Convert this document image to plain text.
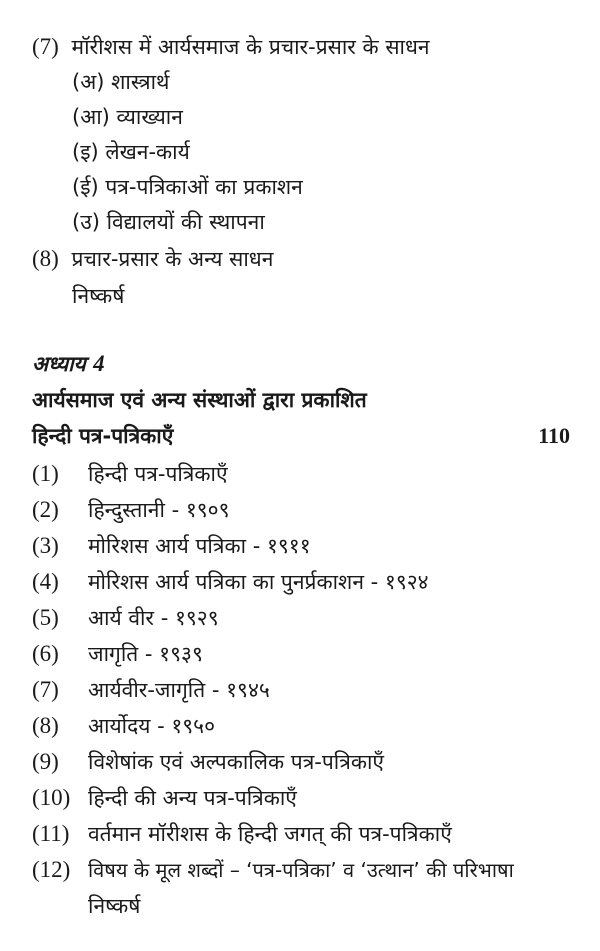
(7) मॉरीशस में आर्यसमाज के प्रचार-प्रसार के साधन
(अ) शास्त्रार्थ
(आ) व्याख्यान
(इ) लेखन-कार्य
(ई) पत्र-पत्रिकाओं का प्रकाशन
(उ) विद्यालयों की स्थापना
(8) प्रचार-प्रसार के अन्य साधन
निष्कर्ष
अध्याय 4
आर्यसमाज एवं अन्य संस्थाओं द्वारा प्रकाशित
हिन्दी पत्र-पत्रिकाएँ	110
(1) हिन्दी पत्र-पत्रिकाएँ
(2) हिन्दुस्तानी - १९०९
(3) मोरिशस आर्य पत्रिका - १९११
(4) मोरिशस आर्य पत्रिका का पुनर्प्रकाशन - १९२४
(5) आर्य वीर - १९२९
(6) जागृति - १९३९
(7) आर्यवीर-जागृति - १९४५
(8) आर्योदय - १९५०
(9) विशेषांक एवं अल्पकालिक पत्र-पत्रिकाएँ
(10) हिन्दी की अन्य पत्र-पत्रिकाएँ
(11) वर्तमान मॉरीशस के हिन्दी जगत् की पत्र-पत्रिकाएँ
(12) विषय के मूल शब्दों – ‘पत्र-पत्रिका’ व ‘उत्थान’ की परिभाषा
निष्कर्ष
